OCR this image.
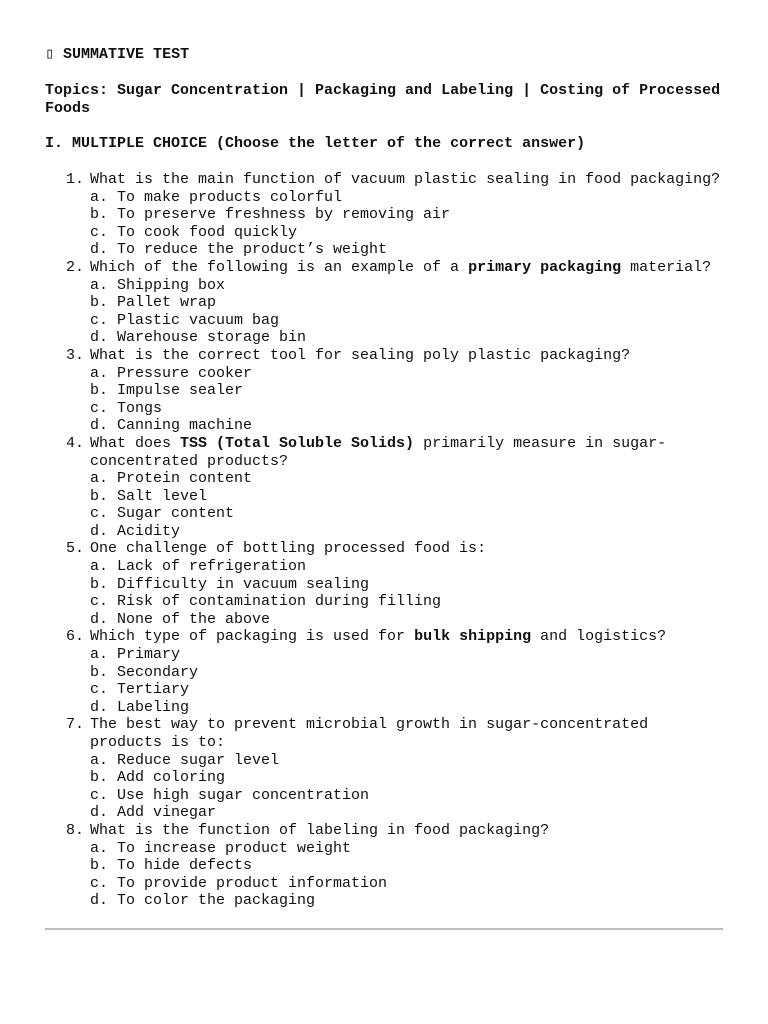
▯ SUMMATIVE TEST
Topics: Sugar Concentration | Packaging and Labeling | Costing of Processed Foods
I. MULTIPLE CHOICE (Choose the letter of the correct answer)
1. What is the main function of vacuum plastic sealing in food packaging?
a. To make products colorful
b. To preserve freshness by removing air
c. To cook food quickly
d. To reduce the product’s weight
2. Which of the following is an example of a primary packaging material?
a. Shipping box
b. Pallet wrap
c. Plastic vacuum bag
d. Warehouse storage bin
3. What is the correct tool for sealing poly plastic packaging?
a. Pressure cooker
b. Impulse sealer
c. Tongs
d. Canning machine
4. What does TSS (Total Soluble Solids) primarily measure in sugar-concentrated products?
a. Protein content
b. Salt level
c. Sugar content
d. Acidity
5. One challenge of bottling processed food is:
a. Lack of refrigeration
b. Difficulty in vacuum sealing
c. Risk of contamination during filling
d. None of the above
6. Which type of packaging is used for bulk shipping and logistics?
a. Primary
b. Secondary
c. Tertiary
d. Labeling
7. The best way to prevent microbial growth in sugar-concentrated products is to:
a. Reduce sugar level
b. Add coloring
c. Use high sugar concentration
d. Add vinegar
8. What is the function of labeling in food packaging?
a. To increase product weight
b. To hide defects
c. To provide product information
d. To color the packaging
